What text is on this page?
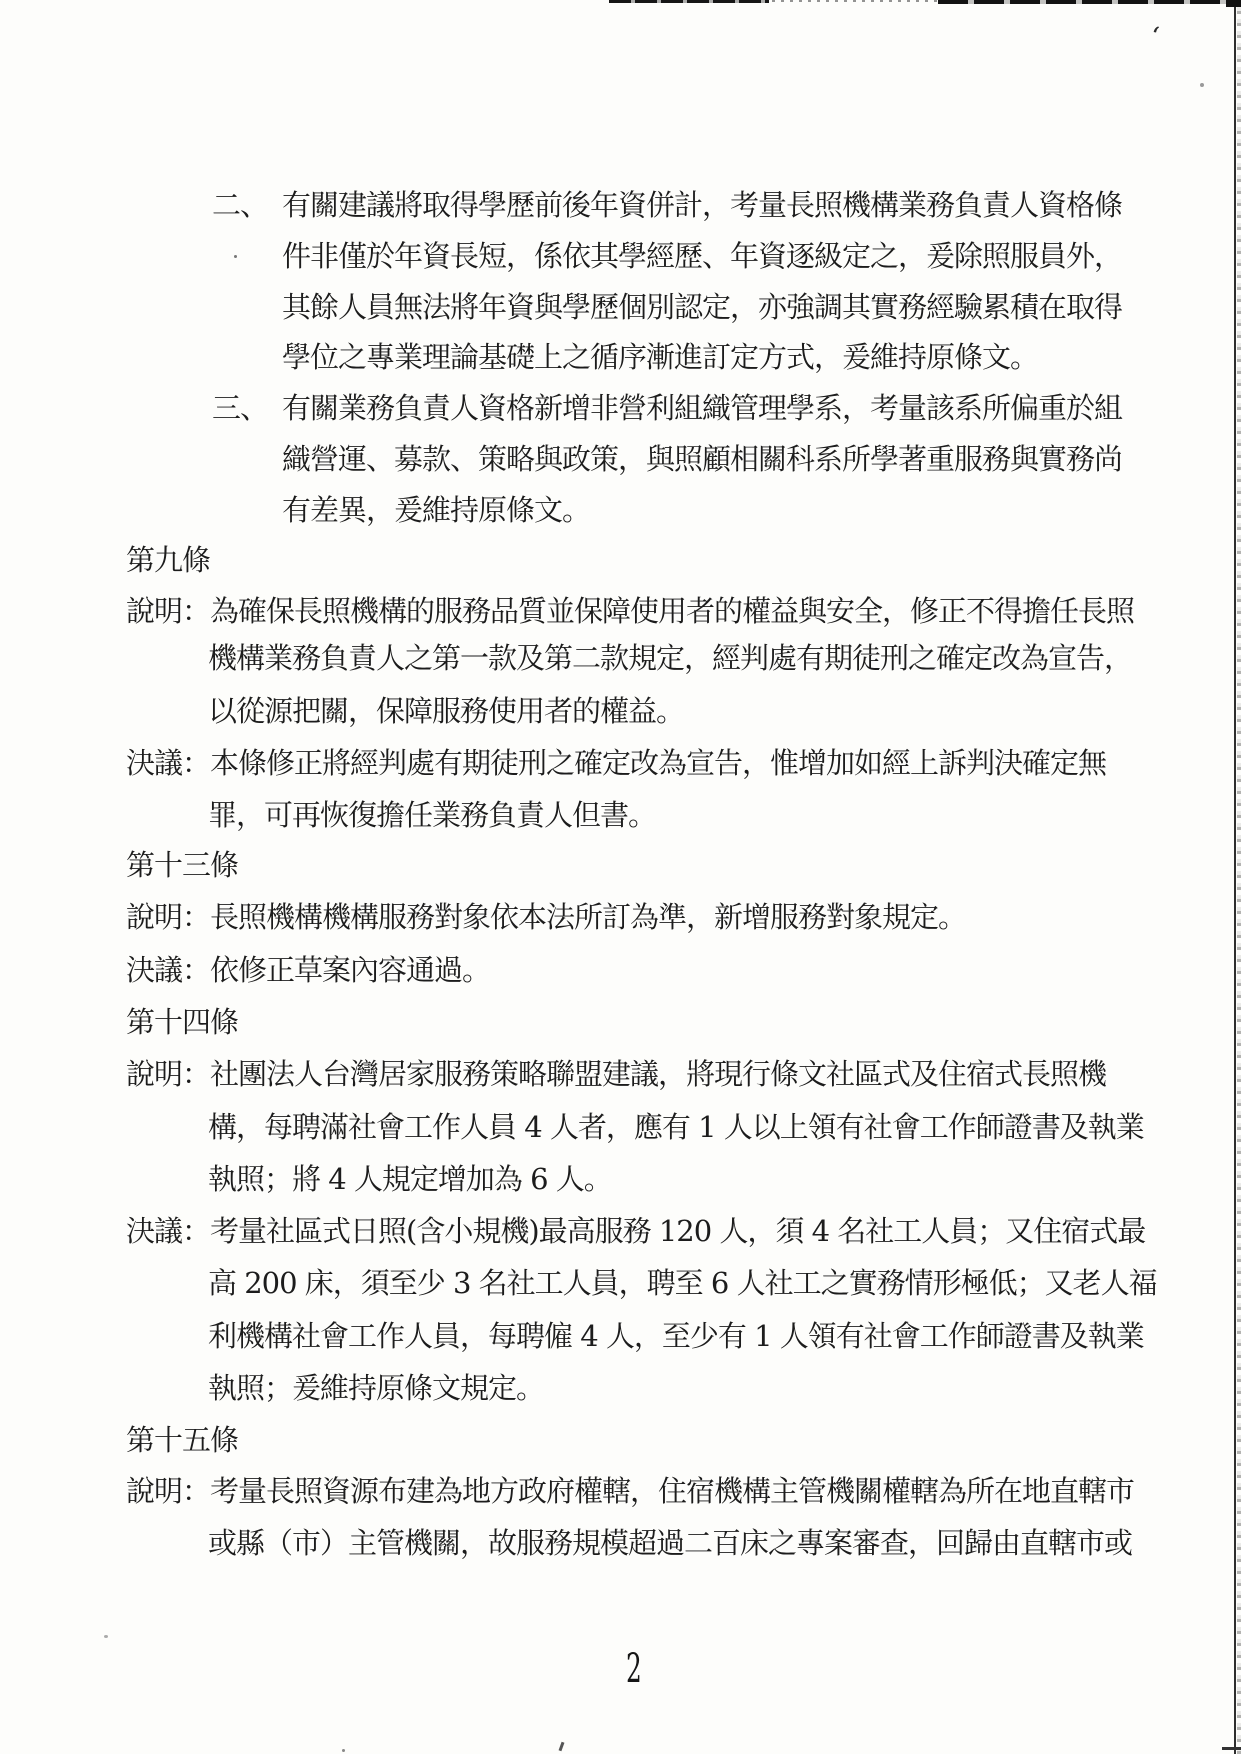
二、 有關建議將取得學歷前後年資併計，考量長照機構業務負責人資格條
件非僅於年資長短，係依其學經歷、年資逐級定之，爰除照服員外，
其餘人員無法將年資與學歷個別認定，亦強調其實務經驗累積在取得
學位之專業理論基礎上之循序漸進訂定方式，爰維持原條文。
三、 有關業務負責人資格新增非營利組織管理學系，考量該系所偏重於組
織營運、募款、策略與政策，與照顧相關科系所學著重服務與實務尚
有差異，爰維持原條文。
第九條
說明：為確保長照機構的服務品質並保障使用者的權益與安全，修正不得擔任長照
機構業務負責人之第一款及第二款規定，經判處有期徒刑之確定改為宣告，
以從源把關，保障服務使用者的權益。
決議：本條修正將經判處有期徒刑之確定改為宣告，惟增加如經上訴判決確定無
罪，可再恢復擔任業務負責人但書。
第十三條
說明：長照機構機構服務對象依本法所訂為準，新增服務對象規定。
決議：依修正草案內容通過。
第十四條
說明：社團法人台灣居家服務策略聯盟建議，將現行條文社區式及住宿式長照機
構，每聘滿社會工作人員 4 人者，應有 1 人以上領有社會工作師證書及執業
執照；將 4 人規定增加為 6 人。
決議：考量社區式日照(含小規機)最高服務 120 人，須 4 名社工人員；又住宿式最
高 200 床，須至少 3 名社工人員，聘至 6 人社工之實務情形極低；又老人福
利機構社會工作人員，每聘僱 4 人，至少有 1 人領有社會工作師證書及執業
執照；爰維持原條文規定。
第十五條
說明：考量長照資源布建為地方政府權轄，住宿機構主管機關權轄為所在地直轄市
或縣（市）主管機關，故服務規模超過二百床之專案審查，回歸由直轄市或
2
ʻ
